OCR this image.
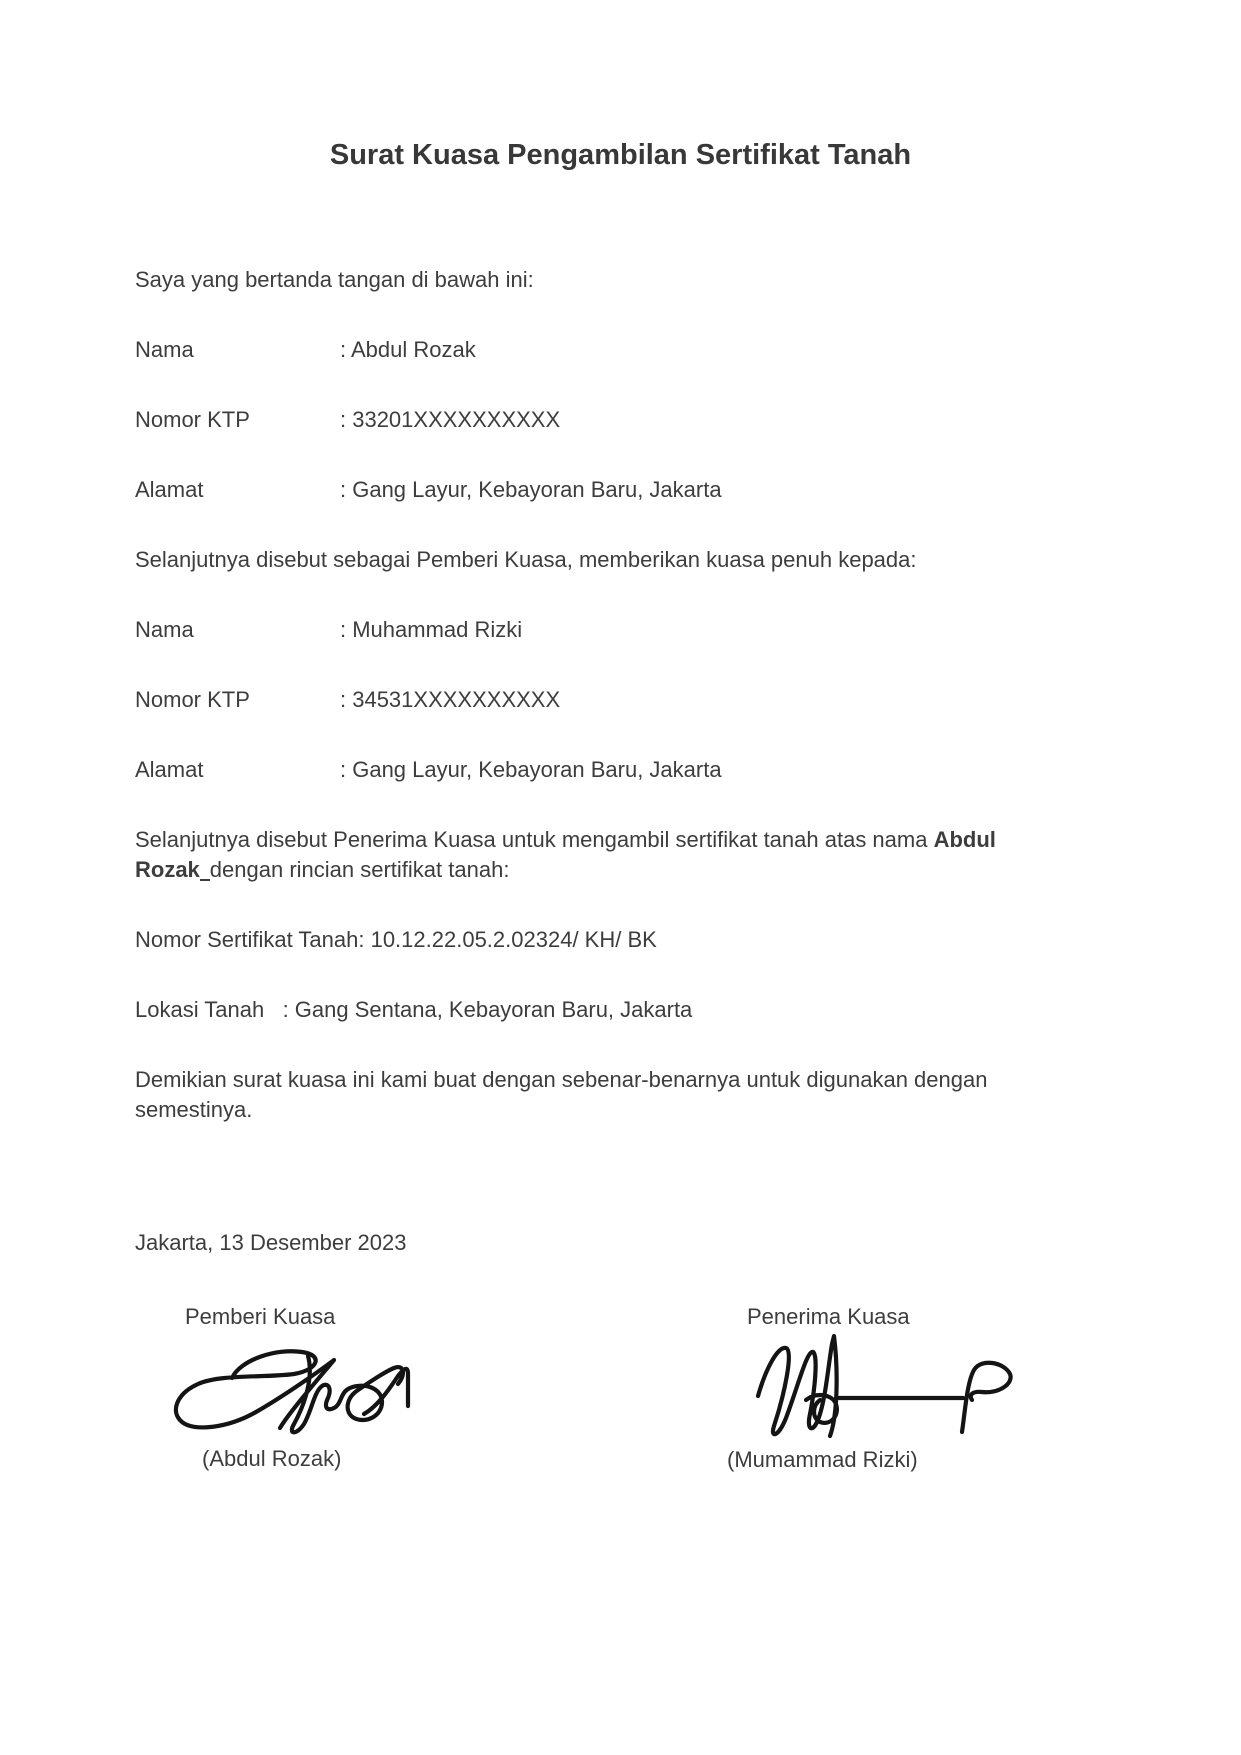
Surat Kuasa Pengambilan Sertifikat Tanah

Saya yang bertanda tangan di bawah ini:

Nama	: Abdul Rozak
Nomor KTP	: 33201XXXXXXXXXX
Alamat	: Gang Layur, Kebayoran Baru, Jakarta

Selanjutnya disebut sebagai Pemberi Kuasa, memberikan kuasa penuh kepada:

Nama	: Muhammad Rizki
Nomor KTP	: 34531XXXXXXXXXX
Alamat	: Gang Layur, Kebayoran Baru, Jakarta

Selanjutnya disebut Penerima Kuasa untuk mengambil sertifikat tanah atas nama Abdul
Rozak dengan rincian sertifikat tanah:

Nomor Sertifikat Tanah: 10.12.22.05.2.02324/ KH/ BK

Lokasi Tanah   : Gang Sentana, Kebayoran Baru, Jakarta

Demikian surat kuasa ini kami buat dengan sebenar-benarnya untuk digunakan dengan
semestinya.

Jakarta, 13 Desember 2023

Pemberi Kuasa
(Abdul Rozak)
Penerima Kuasa
(Mumammad Rizki)
